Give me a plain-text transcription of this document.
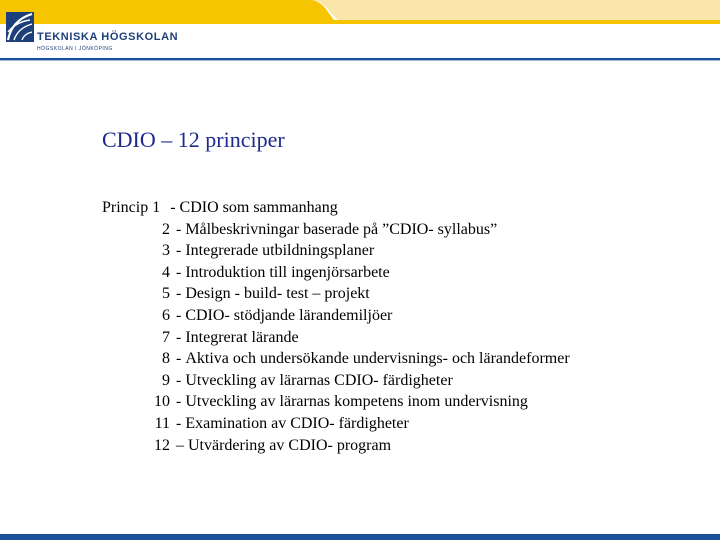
TEKNISKA HÖGSKOLAN
HÖGSKOLAN I JÖNKÖPING
CDIO – 12 principer
Princip 1 - CDIO som sammanhang
2 - Målbeskrivningar baserade på ”CDIO- syllabus”
3 - Integrerade utbildningsplaner
4 - Introduktion till ingenjörsarbete
5 - Design - build- test – projekt
6 - CDIO- stödjande lärandemiljöer
7 - Integrerat lärande
8 - Aktiva och undersökande undervisnings- och lärandeformer
9 - Utveckling av lärarnas CDIO- färdigheter
10 - Utveckling av lärarnas kompetens inom undervisning
11 - Examination av CDIO- färdigheter
12 – Utvärdering av CDIO- program
